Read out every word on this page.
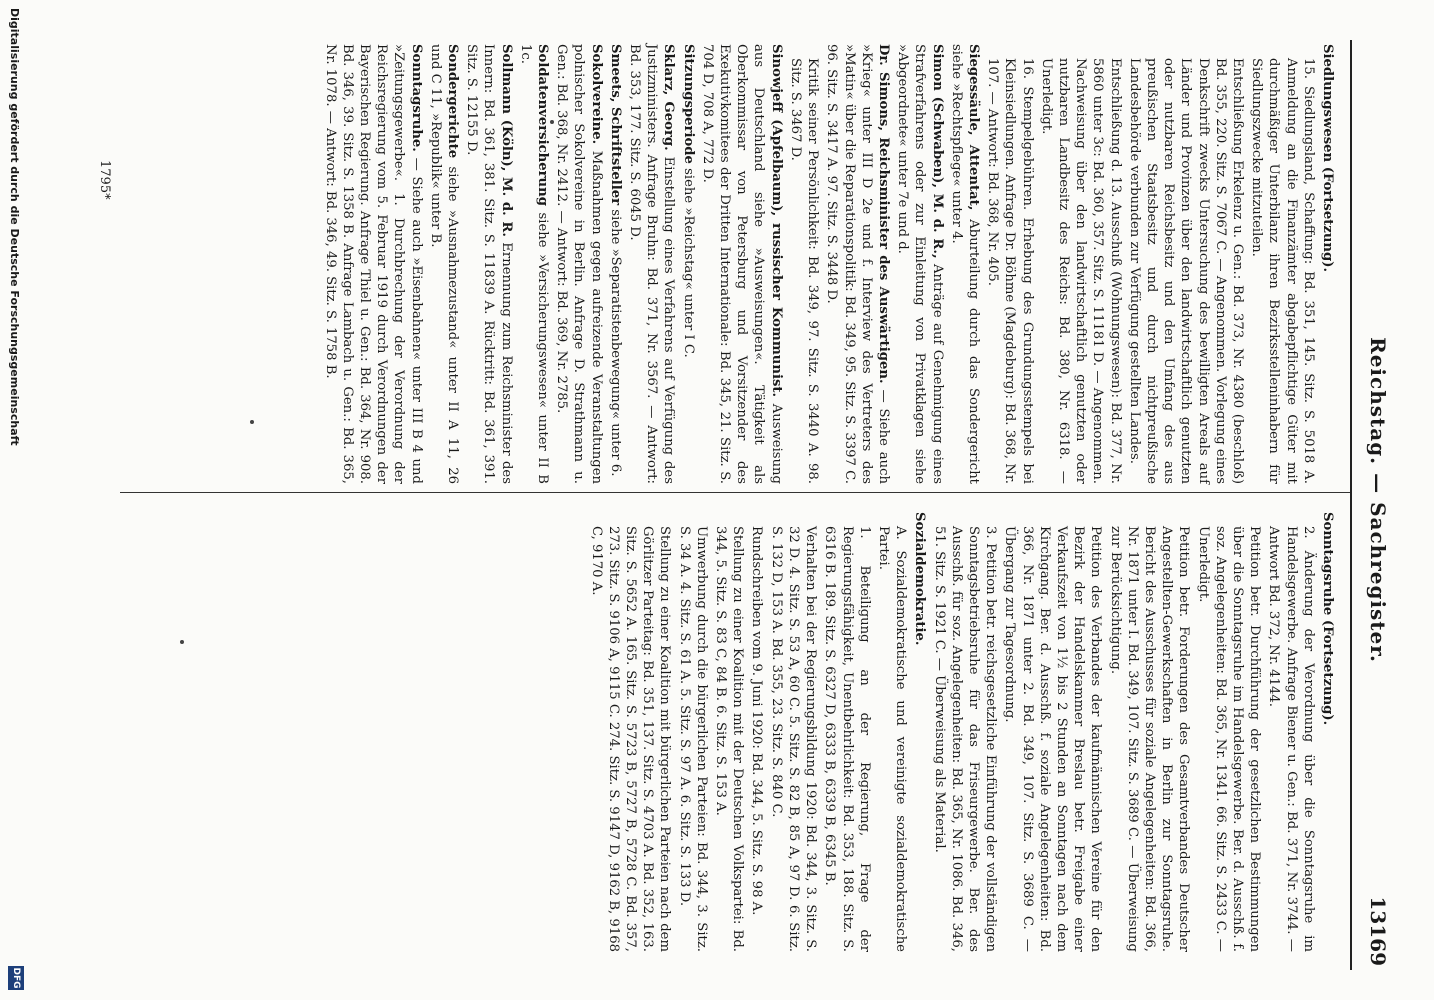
Reichstag. — Sachregister.
13169
Siedlungswesen (Fortsetzung).
15. Siedlungsland, Schaffung: Bd. 351, 145. Sitz. S. 5018 A. Anmeldung an die Finanzämter abgabepflichtige Güter mit durchmäßiger Unterbilanz ihren Bezirksstelleninhabern für Siedlungszwecke mitzuteilen.
Entschließung Erkelenz u. Gen.: Bd. 373, Nr. 4380 (beschloß) Bd. 355, 220. Sitz. S. 7067 C. — Angenommen. Vorlegung eines Denkschrift zwecks Untersuchung des bewilligten Areals auf Länder und Provinzen über den landwirtschaftlich genutzten oder nutzbaren Reichsbesitz und den Umfang des aus preußischen Staatsbesitz und durch nichtpreußische Landesbehörde verbunden zur Verfügung gestellten Landes.
Entschließung d. 13. Ausschuß (Wohnungswesen): Bd. 377, Nr. 5860 unter 3c: Bd. 360, 357. Sitz. S. 11181 D. — Angenommen. Nachweisung über den landwirtschaftlich genutzten oder nutzbaren Landbesitz des Reichs: Bd. 380, Nr. 6318. — Unerledigt.
16. Stempelgebühren. Erhebung des Grundungsstempels bei Kleinsiedlungen. Anfrage Dr. Böhme (Magdeburg): Bd. 368, Nr. 107. — Antwort: Bd. 368, Nr. 405.
Siegessäule, Attentat, Aburteilung durch das Sondergericht siehe »Rechtspflege« unter 4.
Simon (Schwaben), M. d. R., Anträge auf Genehmigung eines Strafverfahrens oder zur Einleitung von Privatklagen siehe »Abgeordnete« unter 7e und d.
Dr. Simons, Reichsminister des Auswärtigen. — Siehe auch »Krieg« unter III D 2e und f. Interview des Vertreters des »Matin« über die Reparationspolitik: Bd. 349, 95. Sitz. S. 3397 C. 96. Sitz. S. 3417 A. 97. Sitz. S. 3448 D.
Kritik seiner Persönlichkeit: Bd. 349, 97. Sitz. S. 3440 A. 98. Sitz. S. 3467 D.
Sinowjeff (Apfelbaum), russischer Kommunist. Ausweisung aus Deutschland siehe »Ausweisungen«. Tätigkeit als Oberkommissar von Petersburg und Vorsitzender des Exekutivkomitees der Dritten Internationale: Bd. 345, 21. Sitz. S. 704 D, 708 A, 772 D.
Sitzungsperiode siehe »Reichstag« unter I C.
Sklarz, Georg. Einstellung eines Verfahrens auf Verfügung des Justizministers. Anfrage Bruhn: Bd. 371, Nr. 3567. — Antwort: Bd. 353, 177. Sitz. S. 6045 D.
Smeets, Schriftsteller siehe »Separatistenbewegung« unter 6.
Sokolvereine. Maßnahmen gegen aufreizende Veranstaltungen polnischer Sokolvereine in Berlin. Anfrage D. Strathmann u. Gen.: Bd. 368, Nr. 2412. — Antwort: Bd. 369, Nr. 2785.
Soldatenversicherung siehe »Versicherungswesen« unter II B 1c.
Sollmann (Köln), M. d. R. Ernennung zum Reichsminister des Innern: Bd. 361, 381. Sitz. S. 11839 A. Rücktritt: Bd. 361, 391. Sitz. S. 12155 D.
Sondergerichte siehe »Ausnahmezustand« unter II A 11, 26 und C 11, »Republik« unter B.
Sonntagsruhe. — Siehe auch »Eisenbahnen« unter III B 4 und »Zeitungsgewerbe«. 1. Durchbrechung der Verordnung der Reichsregierung vom 5. Februar 1919 durch Verordnungen der Bayerischen Regierung. Anfrage Thiel u. Gen.: Bd. 364, Nr. 908. Bd. 346, 39. Sitz. S. 1358 B. Anfrage Lambach u. Gen.: Bd. 365, Nr. 1078. — Antwort: Bd. 346, 49. Sitz. S. 1758 B.
Sonntagsruhe (Fortsetzung).
2. Änderung der Verordnung über die Sonntagsruhe im Handelsgewerbe. Anfrage Biener u. Gen.: Bd. 371, Nr. 3744. — Antwort Bd. 372, Nr. 4144.
Petition betr. Durchführung der gesetzlichen Bestimmungen über die Sonntagsruhe im Handelsgewerbe. Ber. d. Ausschß. f. soz. Angelegenheiten: Bd. 365, Nr. 1341. 66. Sitz. S. 2433 C. — Unerledigt.
Petition betr. Forderungen des Gesamtverbandes Deutscher Angestellten-Gewerkschaften in Berlin zur Sonntagsruhe. Bericht des Ausschusses für soziale Angelegenheiten: Bd. 366, Nr. 1871 unter I. Bd. 349, 107. Sitz. S. 3689 C. — Überweisung zur Berücksichtigung.
Petition des Verbandes der kaufmännischen Vereine für den Bezirk der Handelskammer Breslau betr. Freigabe einer Verkaufszeit von 1½ bis 2 Stunden an Sonntagen nach dem Kirchgang. Ber. d. Ausschß. f. soziale Angelegenheiten: Bd. 366, Nr. 1871 unter 2. Bd. 349, 107. Sitz. S. 3689 C. — Übergang zur Tagesordnung.
3. Petition betr. reichsgesetzliche Einführung der vollständigen Sonntagsbetriebsruhe für das Friseurgewerbe. Ber. des Ausschß. für soz. Angelegenheiten: Bd. 365, Nr. 1086. Bd. 346, 51. Sitz. S. 1921 C. — Überweisung als Material.
Sozialdemokratie.
A. Sozialdemokratische und vereinigte sozialdemokratische Partei.
1. Beteiligung an der Regierung, Frage der Regierungsfähigkeit, Unentbehrlichkeit: Bd. 353, 188. Sitz. S. 6316 B. 189. Sitz. S. 6327 D, 6333 B, 6339 B, 6345 B.
Verhalten bei der Regierungsbildung 1920: Bd. 344, 3. Sitz. S. 32 D. 4. Sitz. S. 53 A, 60 C. 5. Sitz. S. 82 B, 85 A, 97 D. 6. Sitz. S. 132 D, 153 A. Bd. 355, 23. Sitz. S. 840 C.
Rundschreiben vom 9. Juni 1920: Bd. 344, 5. Sitz. S. 98 A.
Stellung zu einer Koalition mit der Deutschen Volkspartei: Bd. 344, 5. Sitz. S. 83 C, 84 B. 6. Sitz. S. 153 A.
Umwerbung durch die bürgerlichen Parteien: Bd. 344, 3. Sitz. S. 34 A. 4. Sitz. S. 61 A. 5. Sitz. S. 97 A. 6. Sitz. S. 133 D.
Stellung zu einer Koalition mit bürgerlichen Parteien nach dem Görlitzer Parteitag: Bd. 351, 137. Sitz. S. 4703 A. Bd. 352, 163. Sitz. S. 5652 A. 165. Sitz. S. 5723 B, 5727 B, 5728 C. Bd. 357, 273. Sitz. S. 9106 A, 9115 C. 274. Sitz. S. 9147 D, 9162 B, 9168 C, 9170 A.
1795*
Digitalisierung gefördert durch die Deutsche Forschungsgemeinschaft
DFG
